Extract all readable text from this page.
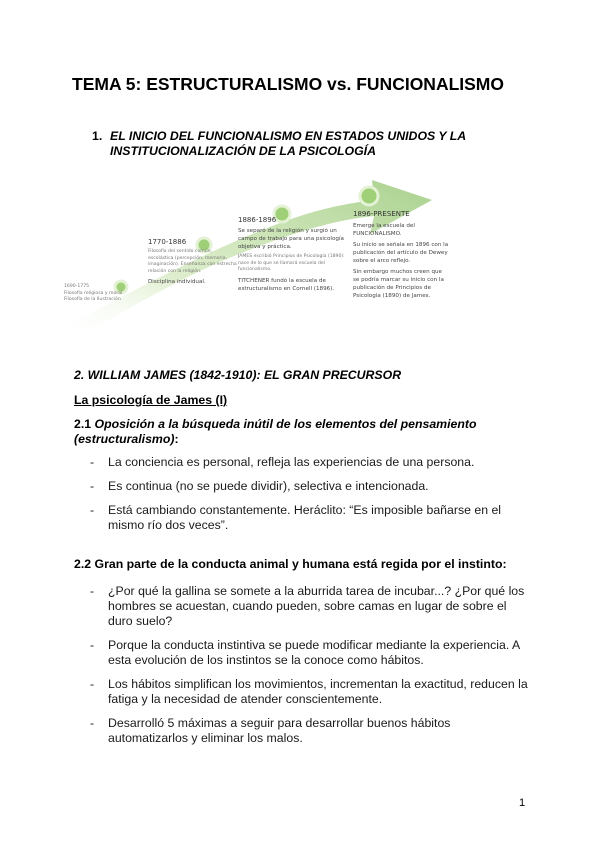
TEMA 5: ESTRUCTURALISMO vs. FUNCIONALISMO
1. EL INICIO DEL FUNCIONALISMO EN ESTADOS UNIDOS Y LA INSTITUCIONALIZACIÓN DE LA PSICOLOGÍA
1690-1775
Filosofía religiosa y moral
Filosofía de la Ilustración
1770-1886

Filosofía del sentido común, escolástica (percepción, memoria, imaginación). Enseñanza con estrecha relación con la religión.

Disciplina individual.

1886-1896

Se separó de la religión y surgió un campo de trabajo para una psicología objetiva y práctica.

JAMES escribió Principios de Psicología (1890): nace de lo que se llamará escuela del funcionalismo.

TITCHENER fundó la escuela de estructuralismo en Cornell (1896).

1896-PRESENTE

Emerge la escuela del FUNCIONALISMO.

Su inicio se señala en 1896 con la publicación del artículo de Dewey sobre el arco reflejo.

Sin embargo muchos creen que se podría marcar su inicio con la publicación de Principios de Psicología (1890) de James.

2. WILLIAM JAMES (1842-1910): EL GRAN PRECURSOR
La psicología de James (I)
2.1 Oposición a la búsqueda inútil de los elementos del pensamiento (estructuralismo):
- La conciencia es personal, refleja las experiencias de una persona.
- Es continua (no se puede dividir), selectiva e intencionada.
- Está cambiando constantemente. Heráclito: “Es imposible bañarse en el mismo río dos veces”.
2.2 Gran parte de la conducta animal y humana está regida por el instinto:
- ¿Por qué la gallina se somete a la aburrida tarea de incubar...? ¿Por qué los hombres se acuestan, cuando pueden, sobre camas en lugar de sobre el duro suelo?
- Porque la conducta instintiva se puede modificar mediante la experiencia. A esta evolución de los instintos se la conoce como hábitos.
- Los hábitos simplifican los movimientos, incrementan la exactitud, reducen la fatiga y la necesidad de atender conscientemente.
- Desarrolló 5 máximas a seguir para desarrollar buenos hábitos automatizarlos y eliminar los malos.
1
